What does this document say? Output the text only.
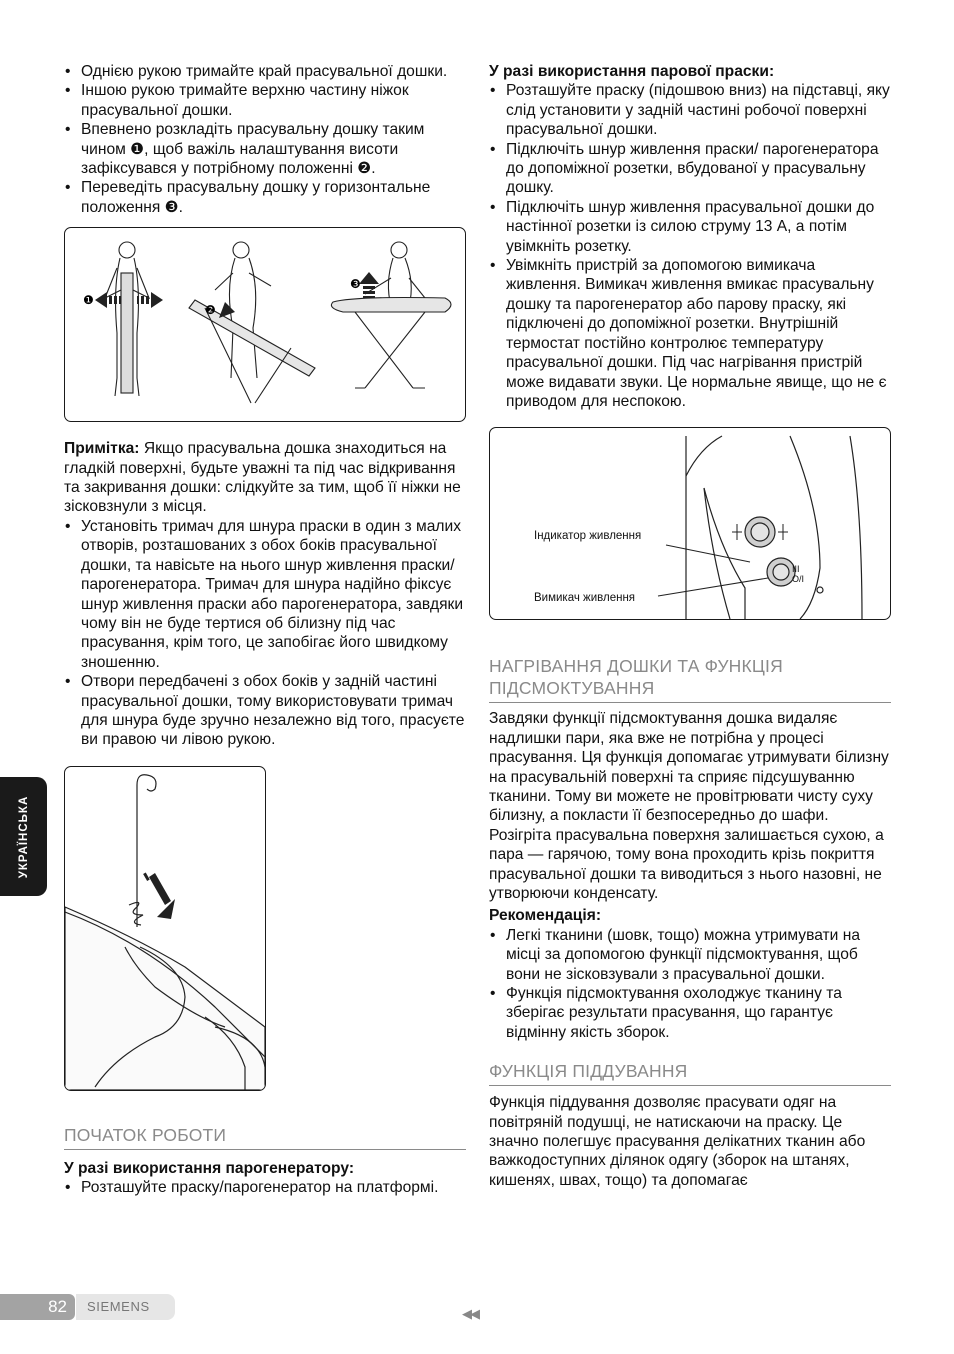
• Однією рукою тримайте край прасувальної дошки.
• Іншою рукою тримайте верхню частину ніжок прасувальної дошки.
• Впевнено розкладіть прасувальну дошку таким чином ❶, щоб важіль налаштування висоти зафіксувався у потрібному положенні ❷.
• Переведіть прасувальну дошку у горизонтальне положення ❸.
❶
❷
❸
Примітка: Якщо прасувальна дошка знаходиться на гладкій поверхні, будьте уважні та під час відкривання та закривання дошки: слідкуйте за тим, щоб її ніжки не зісковзнули з місця.
• Установіть тримач для шнура праски в один з малих отворів, розташованих з обох боків прасувальної дошки, та навісьте на нього шнур живлення праски/парогенератора. Тримач для шнура надійно фіксує шнур живлення праски або парогенератора, завдяки чому він не буде тертися об білизну під час прасування, крім того, це запобігає його швидкому зношенню.
• Отвори передбачені з обох боків у задній частині прасувальної дошки, тому використовувати тримач для шнура буде зручно незалежно від того, прасуєте ви правою чи лівою рукою.
ПОЧАТОК РОБОТИ
У разі використання парогенератору:
• Розташуйте праску/парогенератор на платформі.
У разі використання парової праски:
• Розташуйте праску (підошвою вниз) на підставці, яку слід установити у задній частині робочої поверхні прасувальної дошки.
• Підключіть шнур живлення праски/ парогенератора до допоміжної розетки, вбудованої у прасувальну дошку.
• Підключіть шнур живлення прасувальної дошки до настінної розетки із силою струму 13 А, а потім увімкніть розетку.
• Увімкніть пристрій за допомогою вимикача живлення. Вимикач живлення вмикає прасувальну дошку та парогенератор або парову праску, які підключені до допоміжної розетки. Внутрішній термостат постійно контролює температуру прасувальної дошки. Під час нагрівання пристрій може видавати звуки. Це нормальне явище, що не є приводом для неспокою.
Індикатор живлення
Вимикач живлення
III
O/I
НАГРІВАННЯ ДОШКИ ТА ФУНКЦІЯ ПІДСМОКТУВАННЯ
Завдяки функції підсмоктування дошка видаляє надлишки пари, яка вже не потрібна у процесі прасування. Ця функція допомагає утримувати білизну на прасувальній поверхні та сприяє підсушуванню тканини. Тому ви можете не провітрювати чисту суху білизну, а покласти її безпосередньо до шафи. Розігріта прасувальна поверхня залишається сухою, а пара — гарячою, тому вона проходить крізь покриття прасувальної дошки та виводиться з нього назовні, не утворюючи конденсату.
Рекомендація:
• Легкі тканини (шовк, тощо) можна утримувати на місці за допомогою функції підсмоктування, щоб вони не зісковзували з прасувальної дошки.
• Функція підсмоктування охолоджує тканину та зберігає результати прасування, що гарантує відмінну якість зборок.
ФУНКЦІЯ ПІДДУВАННЯ
Функція піддування дозволяє прасувати одяг на повітряній подушці, не натискаючи на праску. Це значно полегшує прасування делікатних тканин або важкодоступних ділянок одягу (зборок на штанях, кишенях, швах, тощо) та допомагає
УКРАЇНСЬКА
82	SIEMENS	◀◀
